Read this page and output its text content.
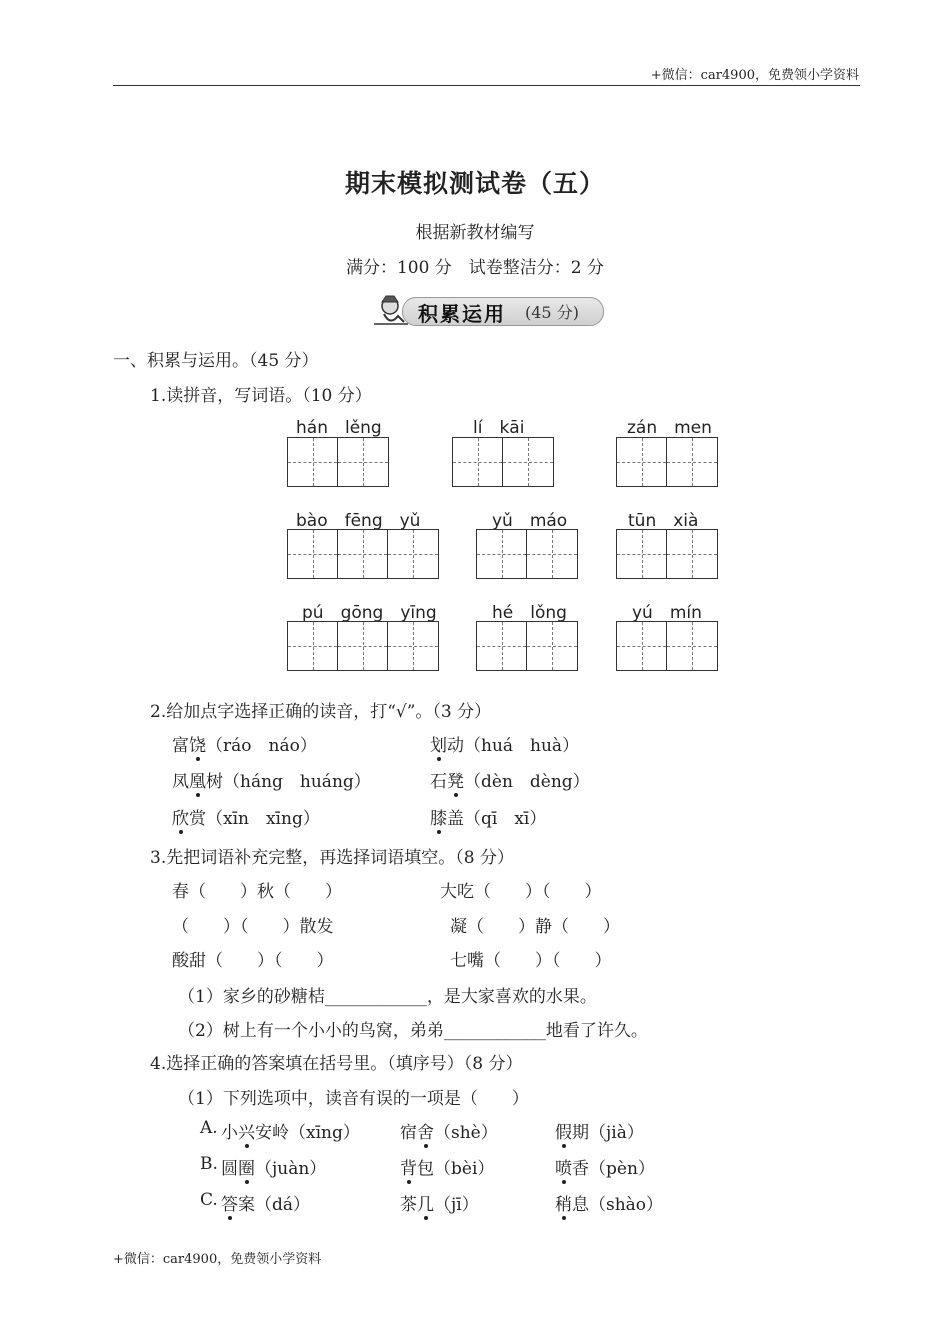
+微信：car4900，免费领小学资料
+微信：car4900，免费领小学资料
期末模拟测试卷（五）
根据新教材编写
满分：100 分　试卷整洁分：2 分
积累运用 (45 分)
一、积累与运用。（45 分）
1.读拼音，写词语。（10 分）
hán　lěng	lí　kāi	zán　men
bào　fēng　yǔ	yǔ　máo	tūn　xià
pú　gōng　yīng	hé　lǒng	yú　mín
2.给加点字选择正确的读音，打“√”。（3 分）
富饶（ráo　náo）	划动（huá　huà）
凤凰树（háng　huáng）	石凳（dèn　dèng）
欣赏（xīn　xīng）	膝盖（qī　xī）
3.先把词语补充完整，再选择词语填空。（8 分）
春（　　）秋（　　）	大吃（　　）（　　）
（　　）（　　）散发	凝（　　）静（　　）
酸甜（　　）（　　）	七嘴（　　）（　　）
（1）家乡的砂糖桔____________，是大家喜欢的水果。
（2）树上有一个小小的鸟窝，弟弟____________地看了许久。
4.选择正确的答案填在括号里。（填序号）（8 分）
（1）下列选项中，读音有误的一项是（　　）
A. 小兴安岭（xīng） 宿舍（shè）	假期（jià）
B. 圆圈（juàn）	背包（bèi）	喷香（pèn）
C. 答案（dá）	茶几（jī）	稍息（shào）
